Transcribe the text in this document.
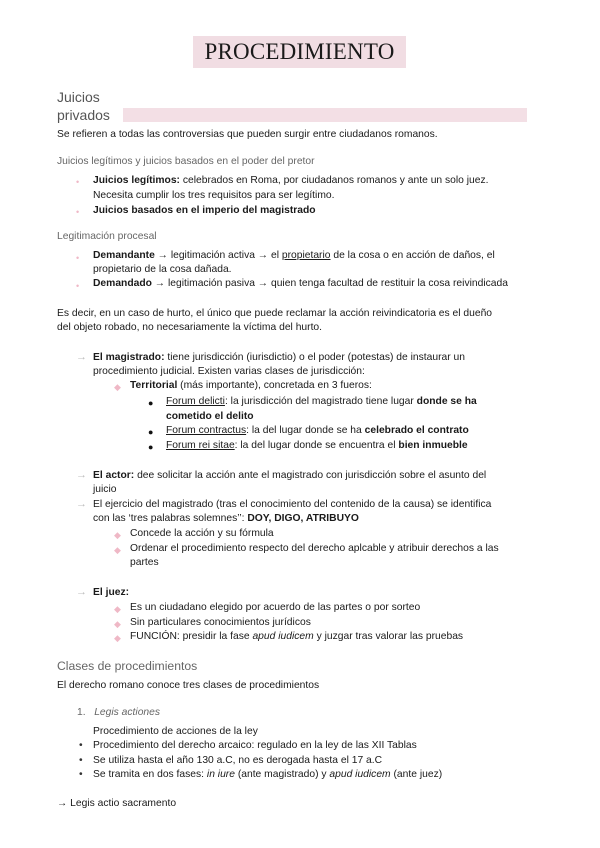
PROCEDIMIENTO
Juicios
privados
Se refieren a todas las controversias que pueden surgir entre ciudadanos romanos.
Juicios legítimos y juicios basados en el poder del pretor
• Juicios legítimos: celebrados en Roma, por ciudadanos romanos y ante un solo juez.
Necesita cumplir los tres requisitos para ser legítimo.
• Juicios basados en el imperio del magistrado
Legitimación procesal
• Demandante → legitimación activa → el propietario de la cosa o en acción de daños, el
propietario de la cosa dañada.
• Demandado → legitimación pasiva → quien tenga facultad de restituir la cosa reivindicada
Es decir, en un caso de hurto, el único que puede reclamar la acción reivindicatoria es el dueño
del objeto robado, no necesariamente la víctima del hurto.
→ El magistrado: tiene jurisdicción (iurisdictio) o el poder (potestas) de instaurar un
procedimiento judicial. Existen varias clases de jurisdicción:
◆ Territorial (más importante), concretada en 3 fueros:
● Forum delicti: la jurisdicción del magistrado tiene lugar donde se ha
cometido el delito
● Forum contractus: la del lugar donde se ha celebrado el contrato
● Forum rei sitae: la del lugar donde se encuentra el bien inmueble
→ El actor: dee solicitar la acción ante el magistrado con jurisdicción sobre el asunto del
juicio
→ El ejercicio del magistrado (tras el conocimiento del contenido de la causa) se identifica
con las ‘tres palabras solemnes’’: DOY, DIGO, ATRIBUYO
◆ Concede la acción y su fórmula
◆ Ordenar el procedimiento respecto del derecho aplcable y atribuir derechos a las
partes
→ El juez:
◆ Es un ciudadano elegido por acuerdo de las partes o por sorteo
◆ Sin particulares conocimientos jurídicos
◆ FUNCIÓN: presidir la fase apud iudicem y juzgar tras valorar las pruebas
Clases de procedimientos
El derecho romano conoce tres clases de procedimientos
1. Legis actiones
Procedimiento de acciones de la ley
• Procedimiento del derecho arcaico: regulado en la ley de las XII Tablas
• Se utiliza hasta el año 130 a.C, no es derogada hasta el 17 a.C
• Se tramita en dos fases: in iure (ante magistrado) y apud iudicem (ante juez)
→ Legis actio sacramento
